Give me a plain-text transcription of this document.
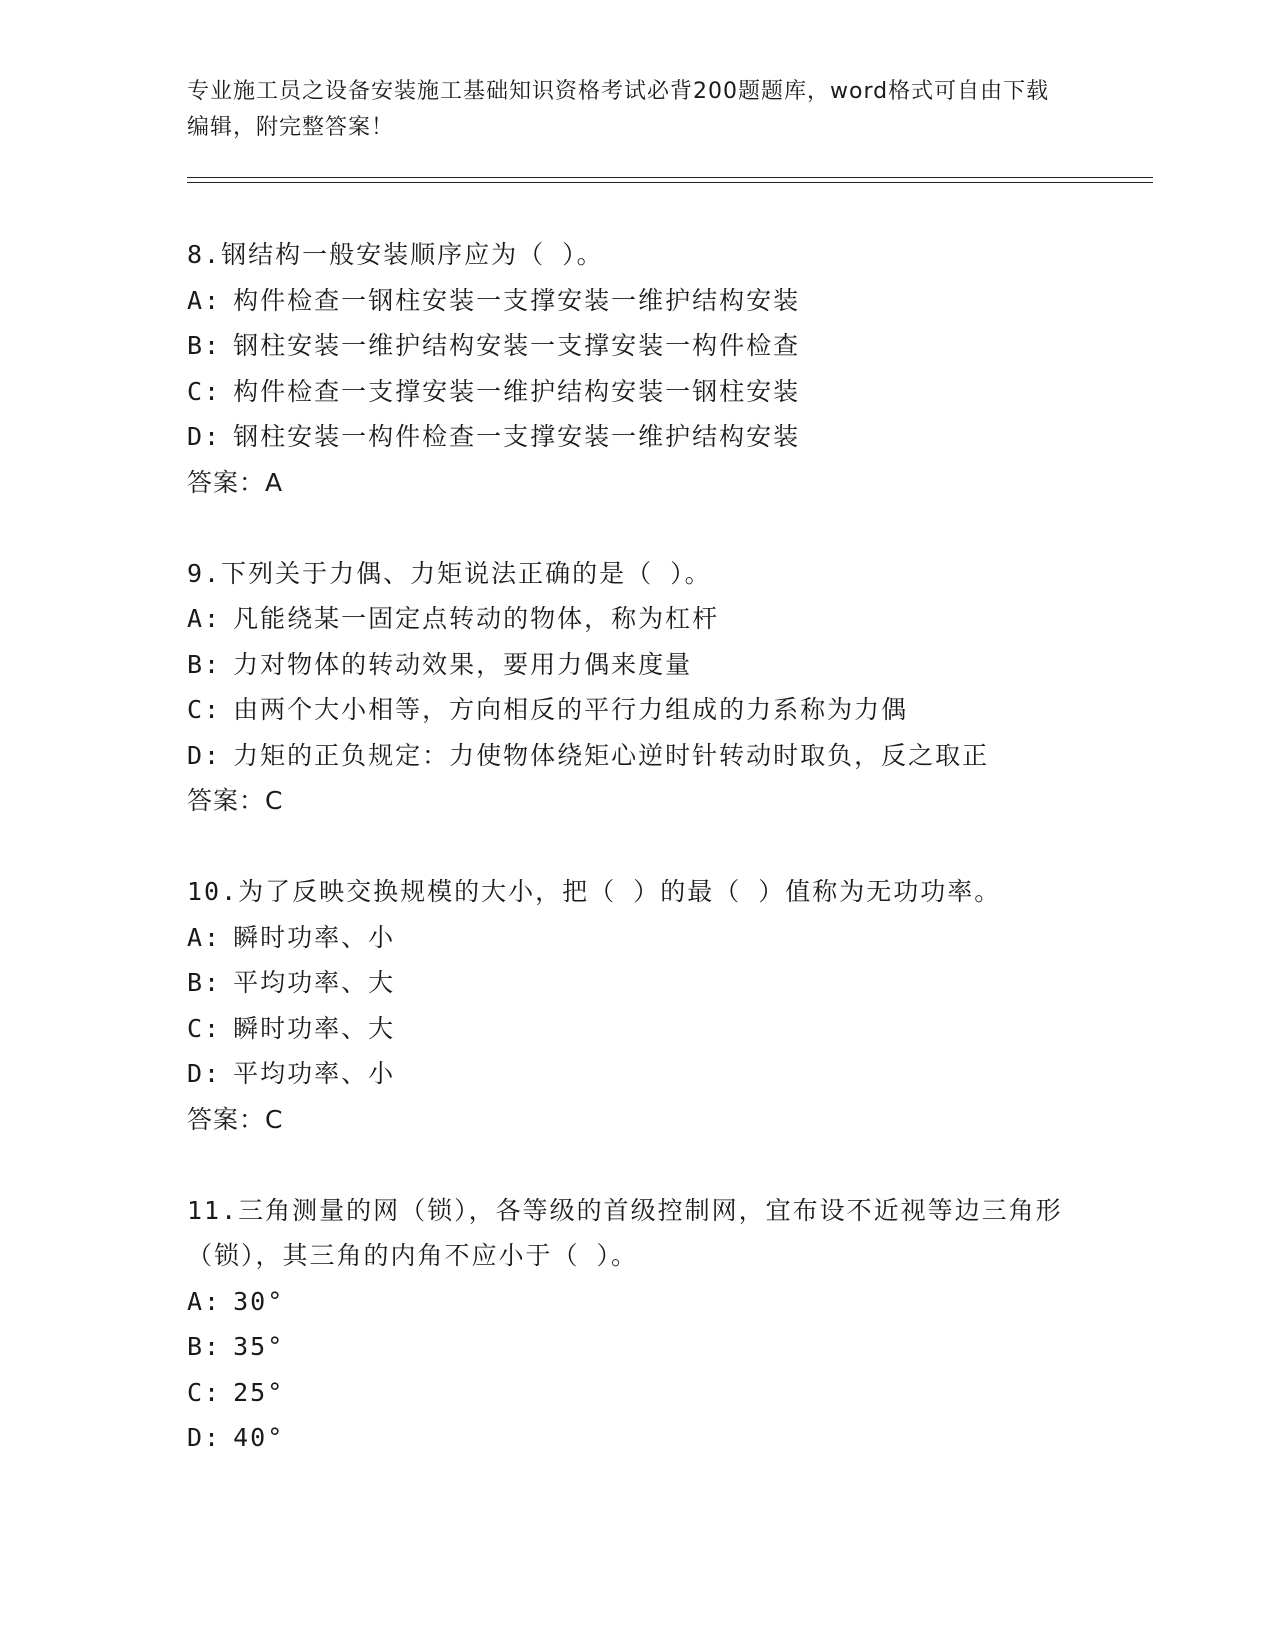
专业施工员之设备安装施工基础知识资格考试必背200题题库，word格式可自由下载编辑，附完整答案！
8.钢结构一般安装顺序应为（ ）。
A: 构件检查一钢柱安装一支撑安装一维护结构安装
B: 钢柱安装一维护结构安装一支撑安装一构件检查
C: 构件检查一支撑安装一维护结构安装一钢柱安装
D: 钢柱安装一构件检查一支撑安装一维护结构安装
答案：A
9.下列关于力偶、力矩说法正确的是（ ）。
A: 凡能绕某一固定点转动的物体，称为杠杆
B: 力对物体的转动效果，要用力偶来度量
C: 由两个大小相等，方向相反的平行力组成的力系称为力偶
D: 力矩的正负规定：力使物体绕矩心逆时针转动时取负，反之取正
答案：C
10.为了反映交换规模的大小，把（ ）的最（ ）值称为无功功率。
A: 瞬时功率、小
B: 平均功率、大
C: 瞬时功率、大
D: 平均功率、小
答案：C
11.三角测量的网（锁），各等级的首级控制网，宜布设不近视等边三角形（锁），其三角的内角不应小于（ ）。
A: 30°
B: 35°
C: 25°
D: 40°
